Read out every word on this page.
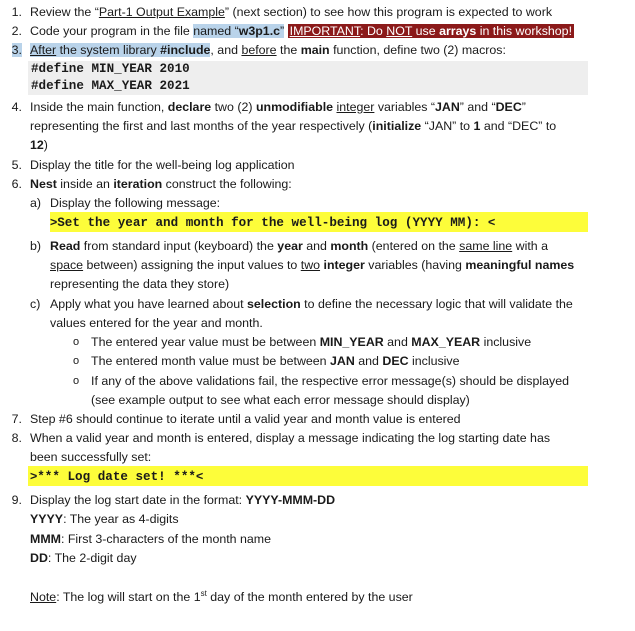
1. Review the “Part-1 Output Example” (next section) to see how this program is expected to work
2. Code your program in the file named “w3p1.c” IMPORTANT: Do NOT use arrays in this workshop!
3. After the system library #include, and before the main function, define two (2) macros:
#define MIN_YEAR 2010
#define MAX_YEAR 2021
4. Inside the main function, declare two (2) unmodifiable integer variables “JAN” and “DEC”
representing the first and last months of the year respectively (initialize “JAN” to 1 and “DEC” to
12)
5. Display the title for the well-being log application
6. Nest inside an iteration construct the following:
a) Display the following message:
>Set the year and month for the well-being log (YYYY MM): <
b) Read from standard input (keyboard) the year and month (entered on the same line with a
space between) assigning the input values to two integer variables (having meaningful names
representing the data they store)
c) Apply what you have learned about selection to define the necessary logic that will validate the
values entered for the year and month.
o The entered year value must be between MIN_YEAR and MAX_YEAR inclusive
o The entered month value must be between JAN and DEC inclusive
o If any of the above validations fail, the respective error message(s) should be displayed
(see example output to see what each error message should display)
7. Step #6 should continue to iterate until a valid year and month value is entered
8. When a valid year and month is entered, display a message indicating the log starting date has
been successfully set:
>*** Log date set! ***<
9. Display the log start date in the format: YYYY-MMM-DD
YYYY: The year as 4-digits
MMM: First 3-characters of the month name
DD: The 2-digit day
Note: The log will start on the 1st day of the month entered by the user
